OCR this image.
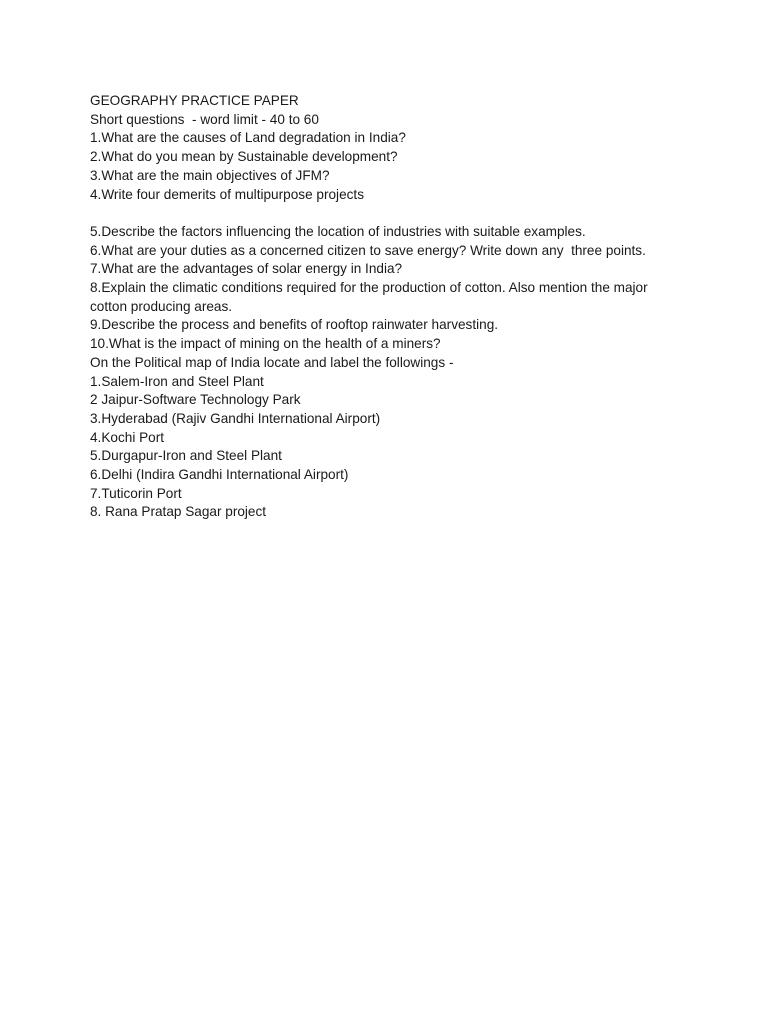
GEOGRAPHY PRACTICE PAPER
Short questions  - word limit - 40 to 60
1.What are the causes of Land degradation in India?
2.What do you mean by Sustainable development?
3.What are the main objectives of JFM?
4.Write four demerits of multipurpose projects
5.Describe the factors influencing the location of industries with suitable examples.
6.What are your duties as a concerned citizen to save energy? Write down any  three points.
7.What are the advantages of solar energy in India?
8.Explain the climatic conditions required for the production of cotton. Also mention the major cotton producing areas.
9.Describe the process and benefits of rooftop rainwater harvesting.
10.What is the impact of mining on the health of a miners?
On the Political map of India locate and label the followings -
1.Salem-Iron and Steel Plant
2 Jaipur-Software Technology Park
3.Hyderabad (Rajiv Gandhi International Airport)
4.Kochi Port
5.Durgapur-Iron and Steel Plant
6.Delhi (Indira Gandhi International Airport)
7.Tuticorin Port
8. Rana Pratap Sagar project
